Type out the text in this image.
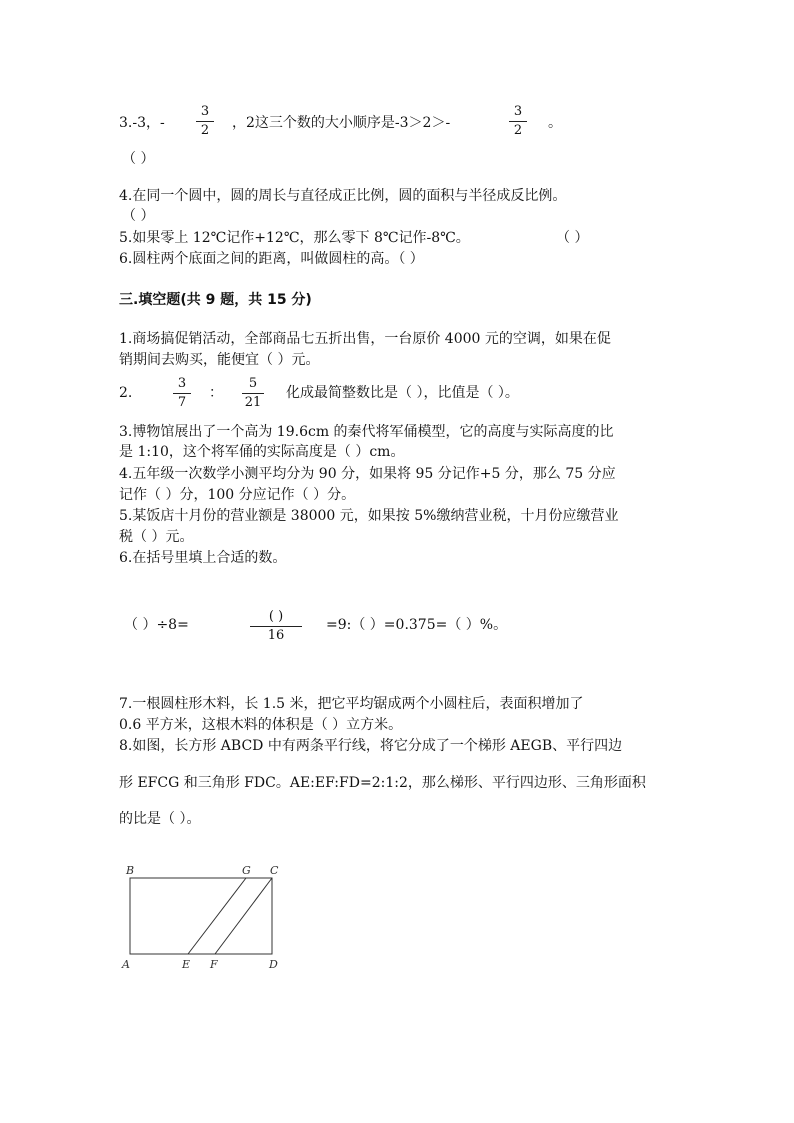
3.-3，-
3
2	，2这三个数的大小顺序是-3＞2＞-
3
2	。
（ ）
4.在同一个圆中，圆的周长与直径成正比例，圆的面积与半径成反比例。
（ ）
5.如果零上 12℃记作+12℃，那么零下 8℃记作-8℃。	（ ）
6.圆柱两个底面之间的距离，叫做圆柱的高。（ ）
三.填空题(共 9 题，共 15 分)
1.商场搞促销活动，全部商品七五折出售，一台原价 4000 元的空调，如果在促
销期间去购买，能便宜（ ）元。
2.
3
7
：
5
21
化成最简整数比是（ ），比值是（ ）。
3.博物馆展出了一个高为 19.6cm 的秦代将军俑模型，它的高度与实际高度的比
是 1:10，这个将军俑的实际高度是（ ）cm。
4.五年级一次数学小测平均分为 90 分，如果将 95 分记作+5 分，那么 75 分应
记作（ ）分，100 分应记作（ ）分。
5.某饭店十月份的营业额是 38000 元，如果按 5%缴纳营业税，十月份应缴营业
税（ ）元。
6.在括号里填上合适的数。
（ ）÷8=
( )
16
=9:（ ）=0.375=（ ）%。
7.一根圆柱形木料，长 1.5 米，把它平均锯成两个小圆柱后，表面积增加了
0.6 平方米，这根木料的体积是（ ）立方米。
8.如图，长方形 ABCD 中有两条平行线，将它分成了一个梯形 AEGB、平行四边
形 EFCG 和三角形 FDC。AE:EF:FD=2:1:2，那么梯形、平行四边形、三角形面积
的比是（ ）。
B	G C
A	E F	D
